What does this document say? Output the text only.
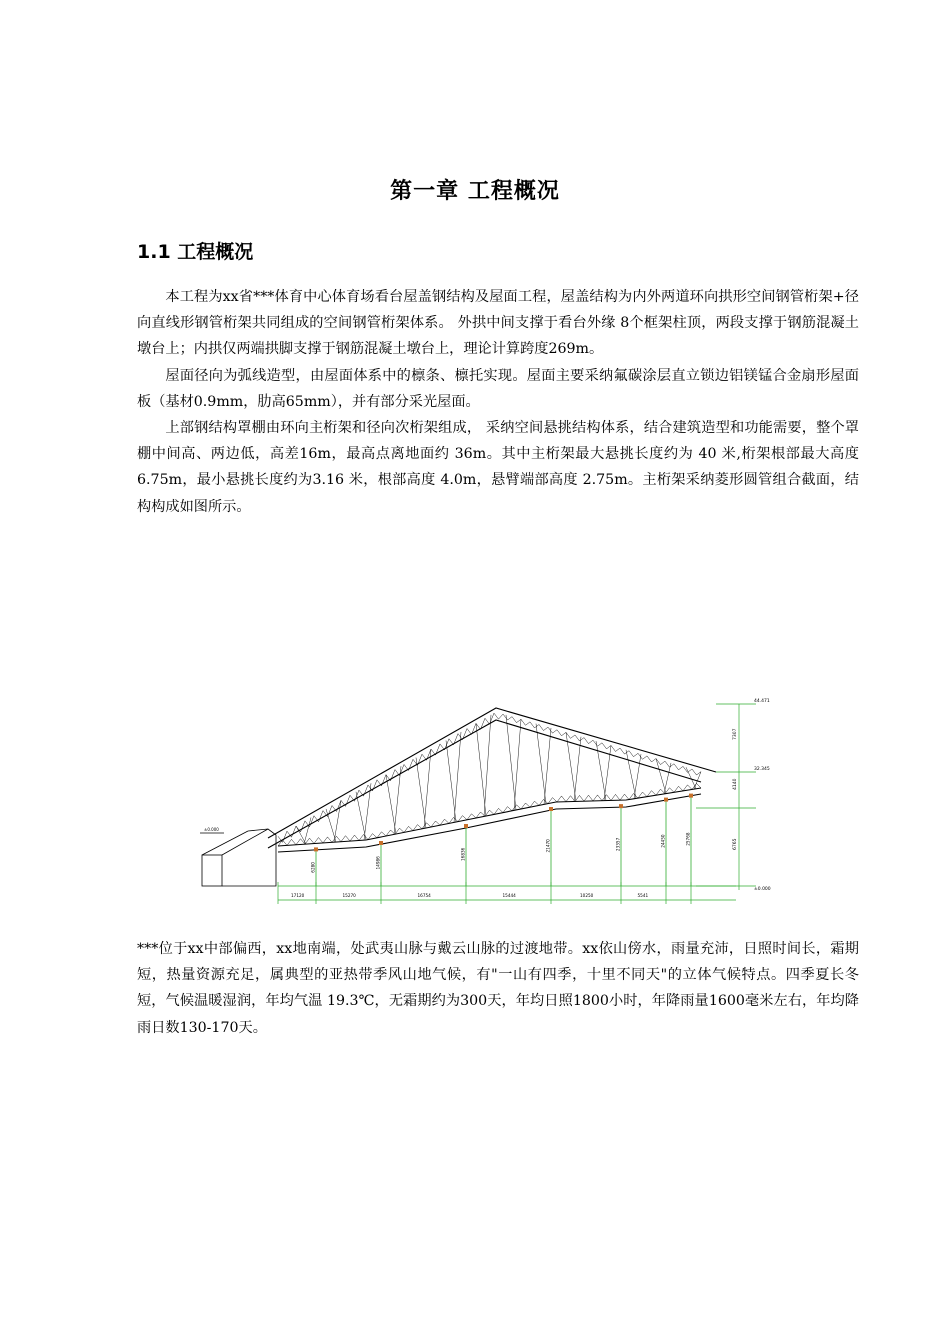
第一章 工程概况
1.1 工程概况

本工程为xx省***体育中心体育场看台屋盖钢结构及屋面工程，屋盖结构为内外两道环向拱形空间钢管桁架+径向直线形钢管桁架共同组成的空间钢管桁架体系。 外拱中间支撑于看台外缘 8个框架柱顶，两段支撑于钢筋混凝土墩台上；内拱仅两端拱脚支撑于钢筋混凝土墩台上，理论计算跨度269m。

屋面径向为弧线造型，由屋面体系中的檩条、檩托实现。屋面主要采纳氟碳涂层直立锁边铝镁锰合金扇形屋面板（基材0.9mm，肋高65mm），并有部分采光屋面。

上部钢结构罩棚由环向主桁架和径向次桁架组成， 采纳空间悬挑结构体系，结合建筑造型和功能需要，整个罩棚中间高、两边低，高差16m，最高点离地面约 36m。其中主桁架最大悬挑长度约为 40 米,桁架根部最大高度 6.75m，最小悬挑长度约为3.16 米，根部高度 4.0m，悬臂端部高度 2.75m。主桁架采纳菱形圆管组合截面，结构构成如图所示。

±0.000
44.471
32.345
±0.000
7307
4140
6765
17120	15270	16754	15444	10250	5541
6280	14986
16836
21470	23357	24450	25768

***位于xx中部偏西，xx地南端，处武夷山脉与戴云山脉的过渡地带。xx依山傍水，雨量充沛，日照时间长，霜期短，热量资源充足，属典型的亚热带季风山地气候，有"一山有四季，十里不同天"的立体气候特点。四季夏长冬短，气候温暖湿润，年均气温 19.3℃，无霜期约为300天，年均日照1800小时，年降雨量1600毫米左右，年均降雨日数130-170天。
